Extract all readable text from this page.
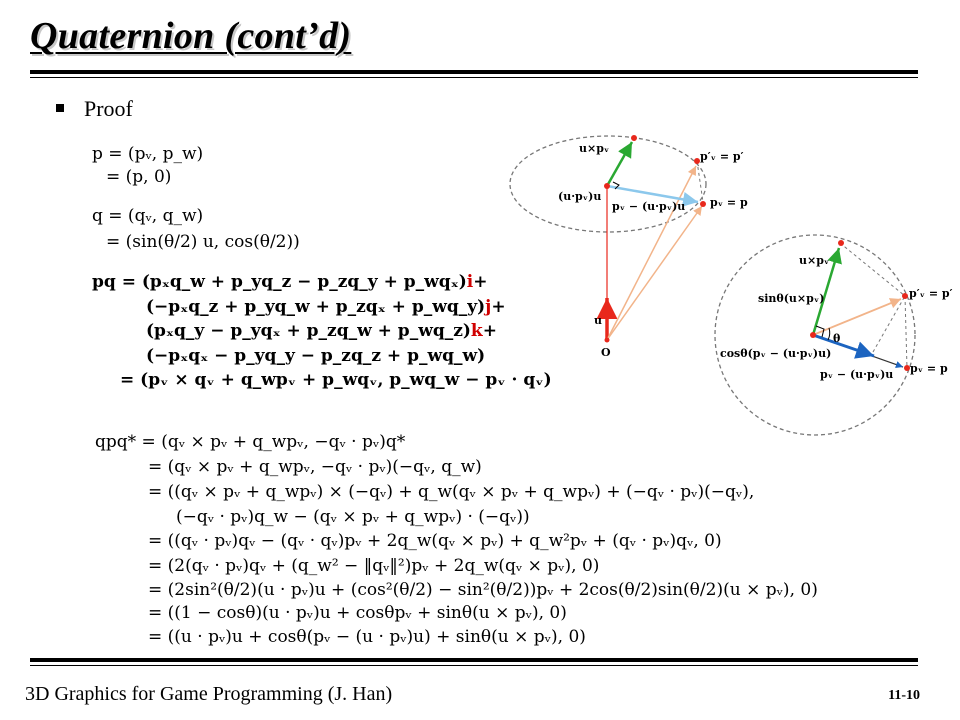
Quaternion (cont’d)
Proof
p = (pᵥ, p_w)
= (p, 0)
q = (qᵥ, q_w)
= (sin(θ/2) u, cos(θ/2))
pq = (pₓq_w + p_yq_z − p_zq_y + p_wqₓ)i+
(−pₓq_z + p_yq_w + p_zqₓ + p_wq_y)j+
(pₓq_y − p_yqₓ + p_zq_w + p_wq_z)k+
(−pₓqₓ − p_yq_y − p_zq_z + p_wq_w)
= (pᵥ × qᵥ + q_wpᵥ + p_wqᵥ, p_wq_w − pᵥ · qᵥ)
qpq* = (qᵥ × pᵥ + q_wpᵥ, −qᵥ · pᵥ)q*
= (qᵥ × pᵥ + q_wpᵥ, −qᵥ · pᵥ)(−qᵥ, q_w)
= ((qᵥ × pᵥ + q_wpᵥ) × (−qᵥ) + q_w(qᵥ × pᵥ + q_wpᵥ) + (−qᵥ · pᵥ)(−qᵥ),
(−qᵥ · pᵥ)q_w − (qᵥ × pᵥ + q_wpᵥ) · (−qᵥ))
= ((qᵥ · pᵥ)qᵥ − (qᵥ · qᵥ)pᵥ + 2q_w(qᵥ × pᵥ) + q_w²pᵥ + (qᵥ · pᵥ)qᵥ, 0)
= (2(qᵥ · pᵥ)qᵥ + (q_w² − ‖qᵥ‖²)pᵥ + 2q_w(qᵥ × pᵥ), 0)
= (2sin²(θ/2)(u · pᵥ)u + (cos²(θ/2) − sin²(θ/2))pᵥ + 2cos(θ/2)sin(θ/2)(u × pᵥ), 0)
= ((1 − cosθ)(u · pᵥ)u + cosθpᵥ + sinθ(u × pᵥ), 0)
= ((u · pᵥ)u + cosθ(pᵥ − (u · pᵥ)u) + sinθ(u × pᵥ), 0)
u×pᵥ
p′ᵥ = p′
(u·pᵥ)u
pᵥ − (u·pᵥ)u pᵥ = p
u
O
u×pᵥ
sinθ(u×pᵥ)	p′ᵥ = p′
θ
cosθ(pᵥ − (u·pᵥ)u)
pᵥ − (u·pᵥ)u pᵥ = p
3D Graphics for Game Programming (J. Han)	11-10
